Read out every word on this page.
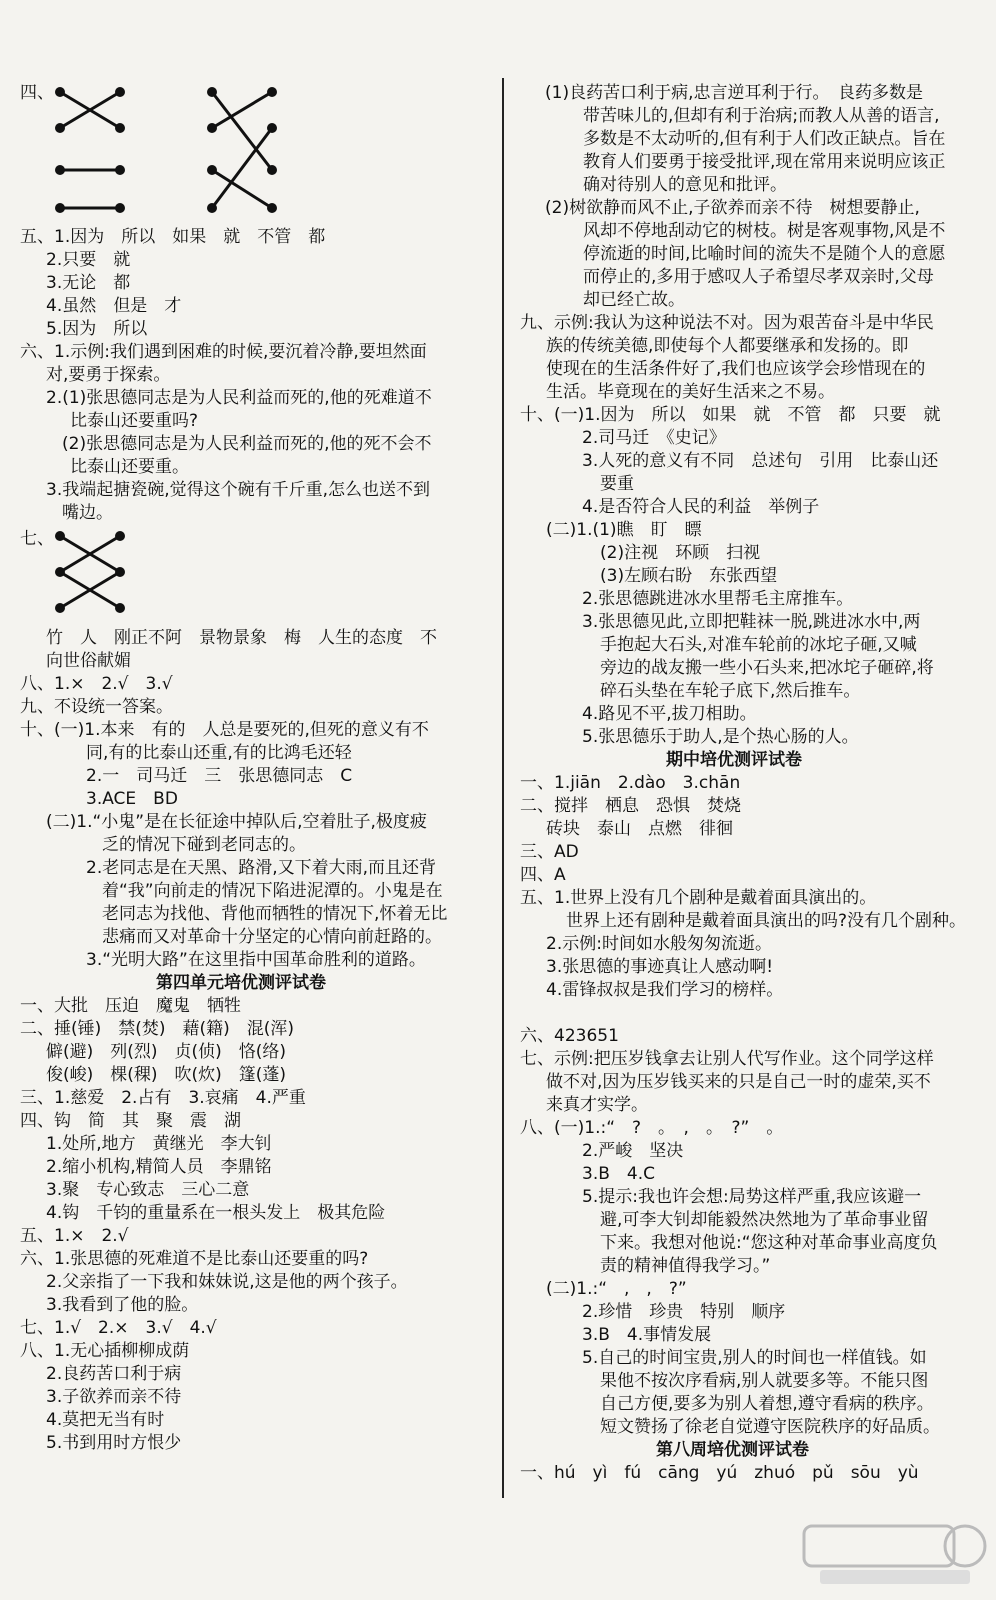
四、
五、1.因为　所以　如果　就　不管　都
2.只要　就
3.无论　都
4.虽然　但是　才
5.因为　所以
六、1.示例:我们遇到困难的时候,要沉着冷静,要坦然面
对,要勇于探索。
2.(1)张思德同志是为人民利益而死的,他的死难道不
比泰山还要重吗?
(2)张思德同志是为人民利益而死的,他的死不会不
比泰山还要重。
3.我端起搪瓷碗,觉得这个碗有千斤重,怎么也送不到
嘴边。
七、
竹　人　刚正不阿　景物景象　梅　人生的态度　不
向世俗献媚
八、1.×　2.√　3.√
九、不设统一答案。
十、(一)1.本来　有的　人总是要死的,但死的意义有不
同,有的比泰山还重,有的比鸿毛还轻
2.一　司马迁　三　张思德同志　C
3.ACE　BD
(二)1.“小鬼”是在长征途中掉队后,空着肚子,极度疲
乏的情况下碰到老同志的。
2.老同志是在天黑、路滑,又下着大雨,而且还背
着“我”向前走的情况下陷进泥潭的。小鬼是在
老同志为找他、背他而牺牲的情况下,怀着无比
悲痛而又对革命十分坚定的心情向前赶路的。
3.“光明大路”在这里指中国革命胜利的道路。
第四单元培优测评试卷
一、大批　压迫　魔鬼　牺牲
二、捶(锤)　禁(焚)　藉(籍)　混(浑)
僻(避)　列(烈)　贞(侦)　恪(络)
俊(峻)　棵(稞)　吹(炊)　篷(蓬)
三、1.慈爱　2.占有　3.哀痛　4.严重
四、钩　简　其　聚　震　湖
1.处所,地方　黄继光　李大钊
2.缩小机构,精简人员　李鼎铭
3.聚　专心致志　三心二意
4.钩　千钧的重量系在一根头发上　极其危险
五、1.×　2.√
六、1.张思德的死难道不是比泰山还要重的吗?
2.父亲指了一下我和妹妹说,这是他的两个孩子。
3.我看到了他的脸。
七、1.√　2.×　3.√　4.√
八、1.无心插柳柳成荫
2.良药苦口利于病
3.子欲养而亲不待
4.莫把无当有时
5.书到用时方恨少
(1)良药苦口利于病,忠言逆耳利于行。　良药多数是
带苦味儿的,但却有利于治病;而教人从善的语言,
多数是不太动听的,但有利于人们改正缺点。旨在
教育人们要勇于接受批评,现在常用来说明应该正
确对待别人的意见和批评。
(2)树欲静而风不止,子欲养而亲不待　树想要静止,
风却不停地刮动它的树枝。树是客观事物,风是不
停流逝的时间,比喻时间的流失不是随个人的意愿
而停止的,多用于感叹人子希望尽孝双亲时,父母
却已经亡故。
九、示例:我认为这种说法不对。因为艰苦奋斗是中华民
族的传统美德,即使每个人都要继承和发扬的。即
使现在的生活条件好了,我们也应该学会珍惜现在的
生活。毕竟现在的美好生活来之不易。
十、(一)1.因为　所以　如果　就　不管　都　只要　就
2.司马迁　《史记》
3.人死的意义有不同　总述句　引用　比泰山还
要重
4.是否符合人民的利益　举例子
(二)1.(1)瞧　盯　瞟
(2)注视　环顾　扫视
(3)左顾右盼　东张西望
2.张思德跳进冰水里帮毛主席推车。
3.张思德见此,立即把鞋袜一脱,跳进冰水中,两
手抱起大石头,对准车轮前的冰坨子砸,又喊
旁边的战友搬一些小石头来,把冰坨子砸碎,将
碎石头垫在车轮子底下,然后推车。
4.路见不平,拔刀相助。
5.张思德乐于助人,是个热心肠的人。
期中培优测评试卷
一、1.jiān　2.dào　3.chān
二、搅拌　栖息　恐惧　焚烧
砖块　泰山　点燃　徘徊
三、AD
四、A
五、1.世界上没有几个剧种是戴着面具演出的。
世界上还有剧种是戴着面具演出的吗?没有几个剧种。
2.示例:时间如水般匆匆流逝。
3.张思德的事迹真让人感动啊!
4.雷锋叔叔是我们学习的榜样。
六、423651
七、示例:把压岁钱拿去让别人代写作业。这个同学这样
做不对,因为压岁钱买来的只是自己一时的虚荣,买不
来真才实学。
八、(一)1.:“　?　。　,　。　?”　。
2.严峻　坚决
3.B　4.C
5.提示:我也许会想:局势这样严重,我应该避一
避,可李大钊却能毅然决然地为了革命事业留
下来。我想对他说:“您这种对革命事业高度负
责的精神值得我学习。”
(二)1.:“　,　,　?”
2.珍惜　珍贵　特别　顺序
3.B　4.事情发展
5.自己的时间宝贵,别人的时间也一样值钱。如
果他不按次序看病,别人就要多等。不能只图
自己方便,要多为别人着想,遵守看病的秩序。
短文赞扬了徐老自觉遵守医院秩序的好品质。
第八周培优测评试卷
一、hú　yì　fú　cāng　yú　zhuó　pǔ　sōu　yù
